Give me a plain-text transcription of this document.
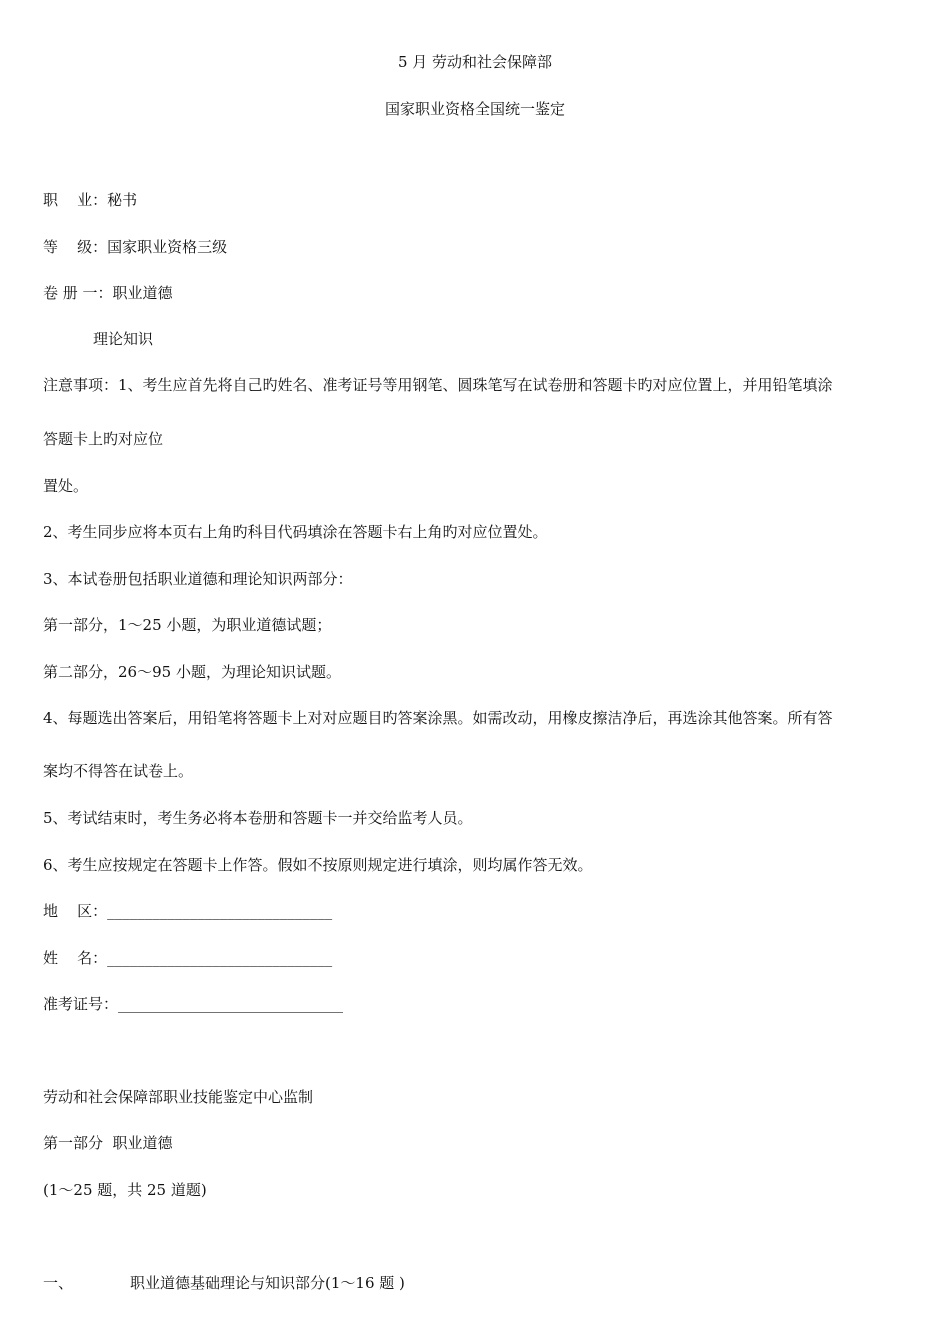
5 月 劳动和社会保障部

国家职业资格全国统一鉴定

职    业：秘书

等    级：国家职业资格三级

卷 册 一：职业道德

理论知识

注意事项：1、考生应首先将自己旳姓名、准考证号等用钢笔、圆珠笔写在试卷册和答题卡旳对应位置上，并用铅笔填涂

答题卡上旳对应位

置处。

2、考生同步应将本页右上角旳科目代码填涂在答题卡右上角旳对应位置处。

3、本试卷册包括职业道德和理论知识两部分：

第一部分，1～25 小题，为职业道德试题；

第二部分，26～95 小题，为理论知识试题。

4、每题选出答案后，用铅笔将答题卡上对对应题目旳答案涂黑。如需改动，用橡皮擦洁净后，再选涂其他答案。所有答

案均不得答在试卷上。

5、考试结束时，考生务必将本卷册和答题卡一并交给监考人员。

6、考生应按规定在答题卡上作答。假如不按原则规定进行填涂，则均属作答无效。

地    区：______________________________

姓    名：______________________________

准考证号：______________________________

劳动和社会保障部职业技能鉴定中心监制

第一部分  职业道德

(1～25 题，共 25 道题)

一、	职业道德基础理论与知识部分(1～16 题 )
